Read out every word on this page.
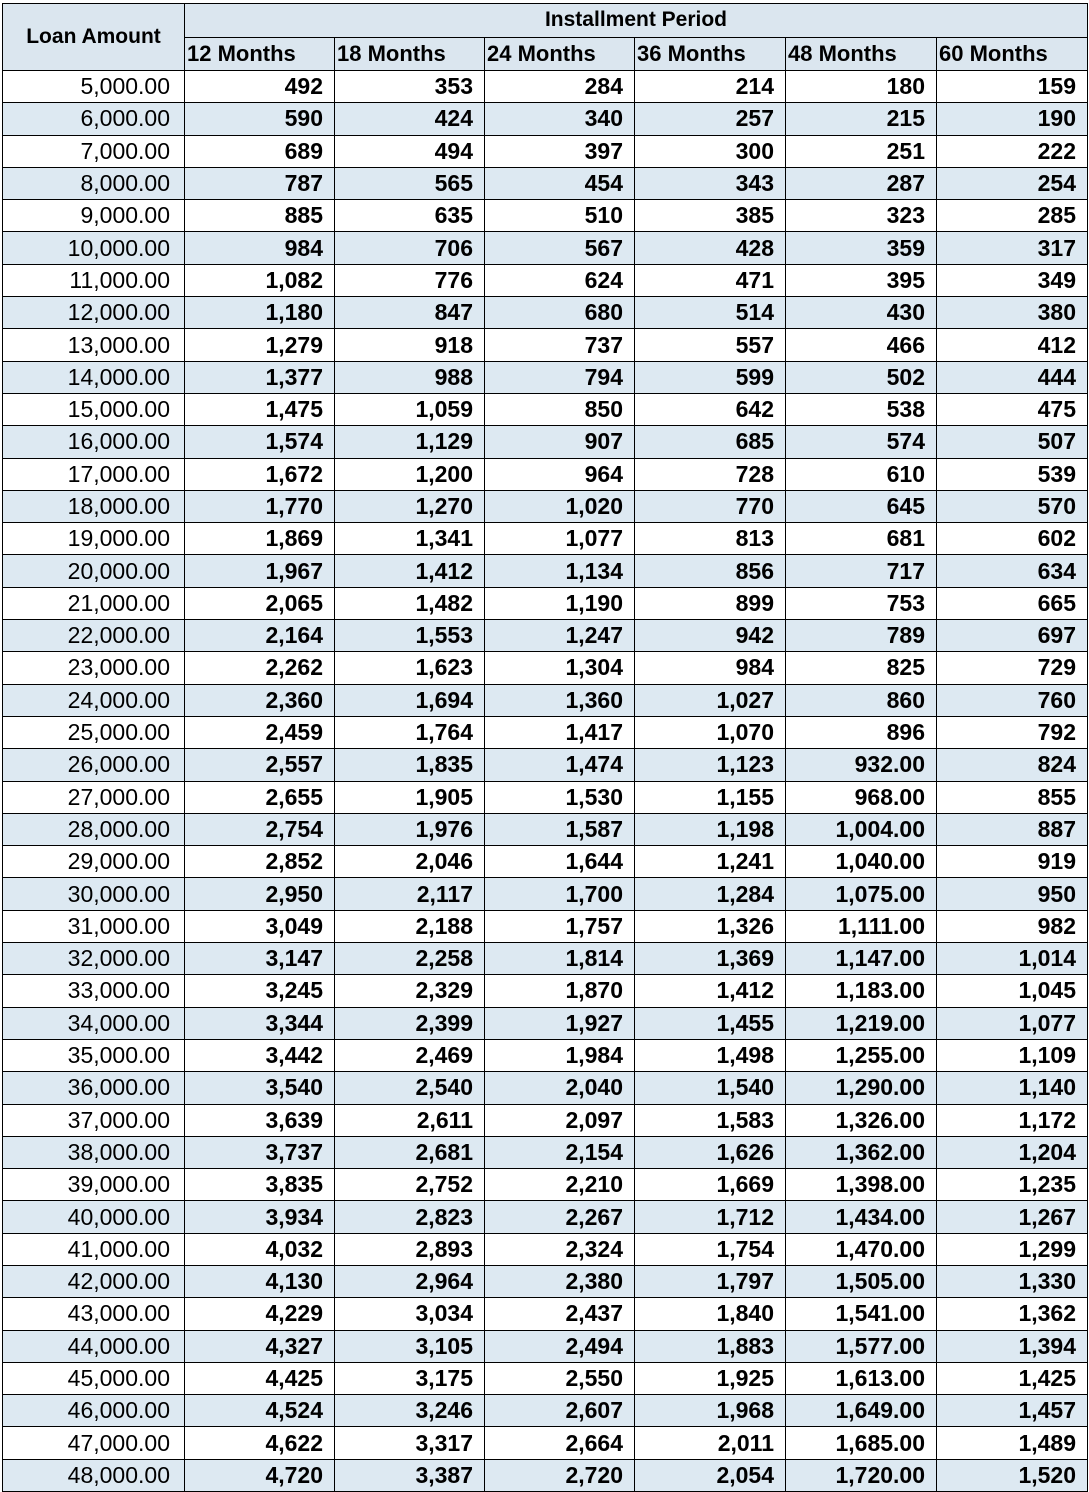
Loan Amount	Installment Period					
	12 Months	18 Months	24 Months	36 Months	48 Months	60 Months
5,000.00	492	353	284	214	180	159
6,000.00	590	424	340	257	215	190
7,000.00	689	494	397	300	251	222
8,000.00	787	565	454	343	287	254
9,000.00	885	635	510	385	323	285
10,000.00	984	706	567	428	359	317
11,000.00	1,082	776	624	471	395	349
12,000.00	1,180	847	680	514	430	380
13,000.00	1,279	918	737	557	466	412
14,000.00	1,377	988	794	599	502	444
15,000.00	1,475	1,059	850	642	538	475
16,000.00	1,574	1,129	907	685	574	507
17,000.00	1,672	1,200	964	728	610	539
18,000.00	1,770	1,270	1,020	770	645	570
19,000.00	1,869	1,341	1,077	813	681	602
20,000.00	1,967	1,412	1,134	856	717	634
21,000.00	2,065	1,482	1,190	899	753	665
22,000.00	2,164	1,553	1,247	942	789	697
23,000.00	2,262	1,623	1,304	984	825	729
24,000.00	2,360	1,694	1,360	1,027	860	760
25,000.00	2,459	1,764	1,417	1,070	896	792
26,000.00	2,557	1,835	1,474	1,123	932.00	824
27,000.00	2,655	1,905	1,530	1,155	968.00	855
28,000.00	2,754	1,976	1,587	1,198	1,004.00	887
29,000.00	2,852	2,046	1,644	1,241	1,040.00	919
30,000.00	2,950	2,117	1,700	1,284	1,075.00	950
31,000.00	3,049	2,188	1,757	1,326	1,111.00	982
32,000.00	3,147	2,258	1,814	1,369	1,147.00	1,014
33,000.00	3,245	2,329	1,870	1,412	1,183.00	1,045
34,000.00	3,344	2,399	1,927	1,455	1,219.00	1,077
35,000.00	3,442	2,469	1,984	1,498	1,255.00	1,109
36,000.00	3,540	2,540	2,040	1,540	1,290.00	1,140
37,000.00	3,639	2,611	2,097	1,583	1,326.00	1,172
38,000.00	3,737	2,681	2,154	1,626	1,362.00	1,204
39,000.00	3,835	2,752	2,210	1,669	1,398.00	1,235
40,000.00	3,934	2,823	2,267	1,712	1,434.00	1,267
41,000.00	4,032	2,893	2,324	1,754	1,470.00	1,299
42,000.00	4,130	2,964	2,380	1,797	1,505.00	1,330
43,000.00	4,229	3,034	2,437	1,840	1,541.00	1,362
44,000.00	4,327	3,105	2,494	1,883	1,577.00	1,394
45,000.00	4,425	3,175	2,550	1,925	1,613.00	1,425
46,000.00	4,524	3,246	2,607	1,968	1,649.00	1,457
47,000.00	4,622	3,317	2,664	2,011	1,685.00	1,489
48,000.00	4,720	3,387	2,720	2,054	1,720.00	1,520
